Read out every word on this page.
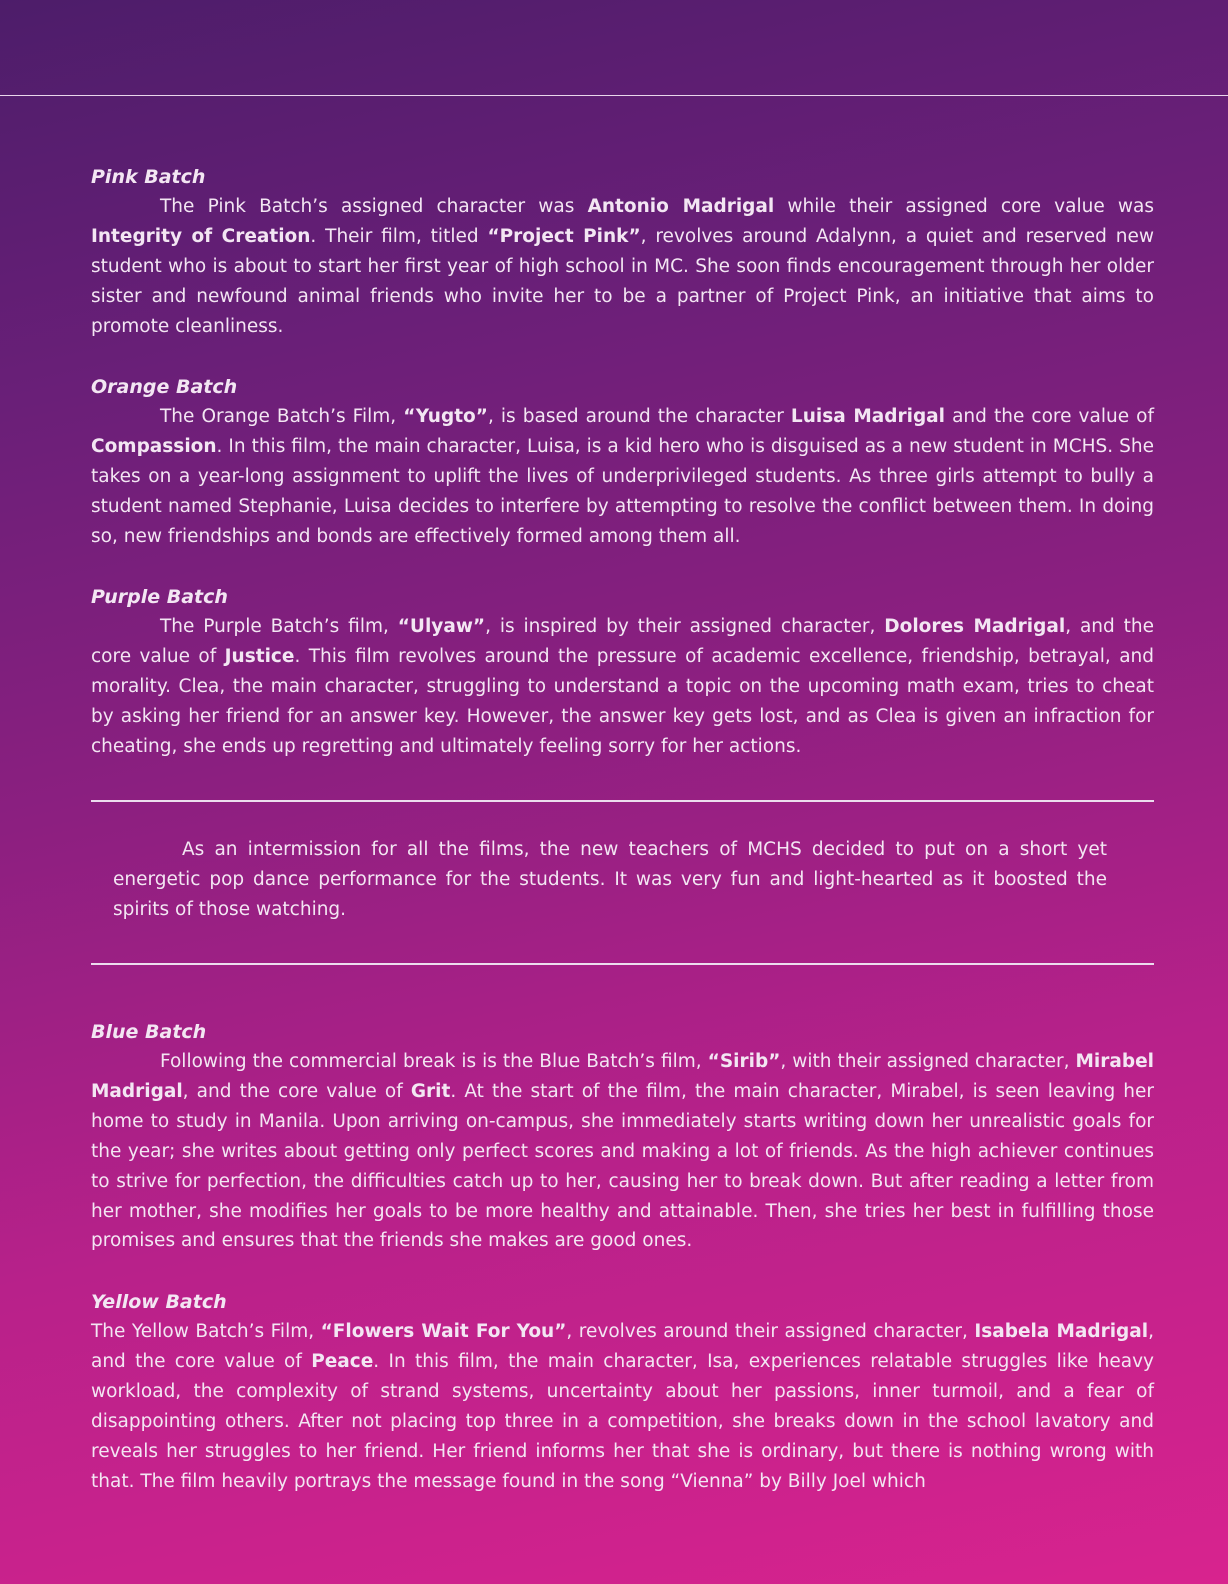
Pink Batch

The Pink Batch’s assigned character was Antonio Madrigal while their assigned core value was Integrity of Creation. Their film, titled “Project Pink”, revolves around Adalynn, a quiet and reserved new student who is about to start her first year of high school in MC. She soon finds encouragement through her older sister and newfound animal friends who invite her to be a partner of Project Pink, an initiative that aims to promote cleanliness.

Orange Batch

The Orange Batch’s Film, “Yugto”, is based around the character Luisa Madrigal and the core value of Compassion. In this film, the main character, Luisa, is a kid hero who is disguised as a new student in MCHS. She takes on a year-long assignment to uplift the lives of underprivileged students. As three girls attempt to bully a student named Stephanie, Luisa decides to interfere by attempting to resolve the conflict between them. In doing so, new friendships and bonds are effectively formed among them all.

Purple Batch

The Purple Batch’s film, “Ulyaw”, is inspired by their assigned character, Dolores Madrigal, and the core value of Justice. This film revolves around the pressure of academic excellence, friendship, betrayal, and morality. Clea, the main character, struggling to understand a topic on the upcoming math exam, tries to cheat by asking her friend for an answer key. However, the answer key gets lost, and as Clea is given an infraction for cheating, she ends up regretting and ultimately feeling sorry for her actions.

As an intermission for all the films, the new teachers of MCHS decided to put on a short yet energetic pop dance performance for the students. It was very fun and light-hearted as it boosted the spirits of those watching.

Blue Batch

Following the commercial break is is the Blue Batch’s film, “Sirib”, with their assigned character, Mirabel Madrigal, and the core value of Grit. At the start of the film, the main character, Mirabel, is seen leaving her home to study in Manila. Upon arriving on-campus, she immediately starts writing down her unrealistic goals for the year; she writes about getting only perfect scores and making a lot of friends. As the high achiever continues to strive for perfection, the difficulties catch up to her, causing her to break down. But after reading a letter from her mother, she modifies her goals to be more healthy and attainable. Then, she tries her best in fulfilling those promises and ensures that the friends she makes are good ones.

Yellow Batch

The Yellow Batch’s Film, “Flowers Wait For You”, revolves around their assigned character, Isabela Madrigal, and the core value of Peace. In this film, the main character, Isa, experiences relatable struggles like heavy workload, the complexity of strand systems, uncertainty about her passions, inner turmoil, and a fear of disappointing others. After not placing top three in a competition, she breaks down in the school lavatory and reveals her struggles to her friend. Her friend informs her that she is ordinary, but there is nothing wrong with that. The film heavily portrays the message found in the song “Vienna” by Billy Joel which
